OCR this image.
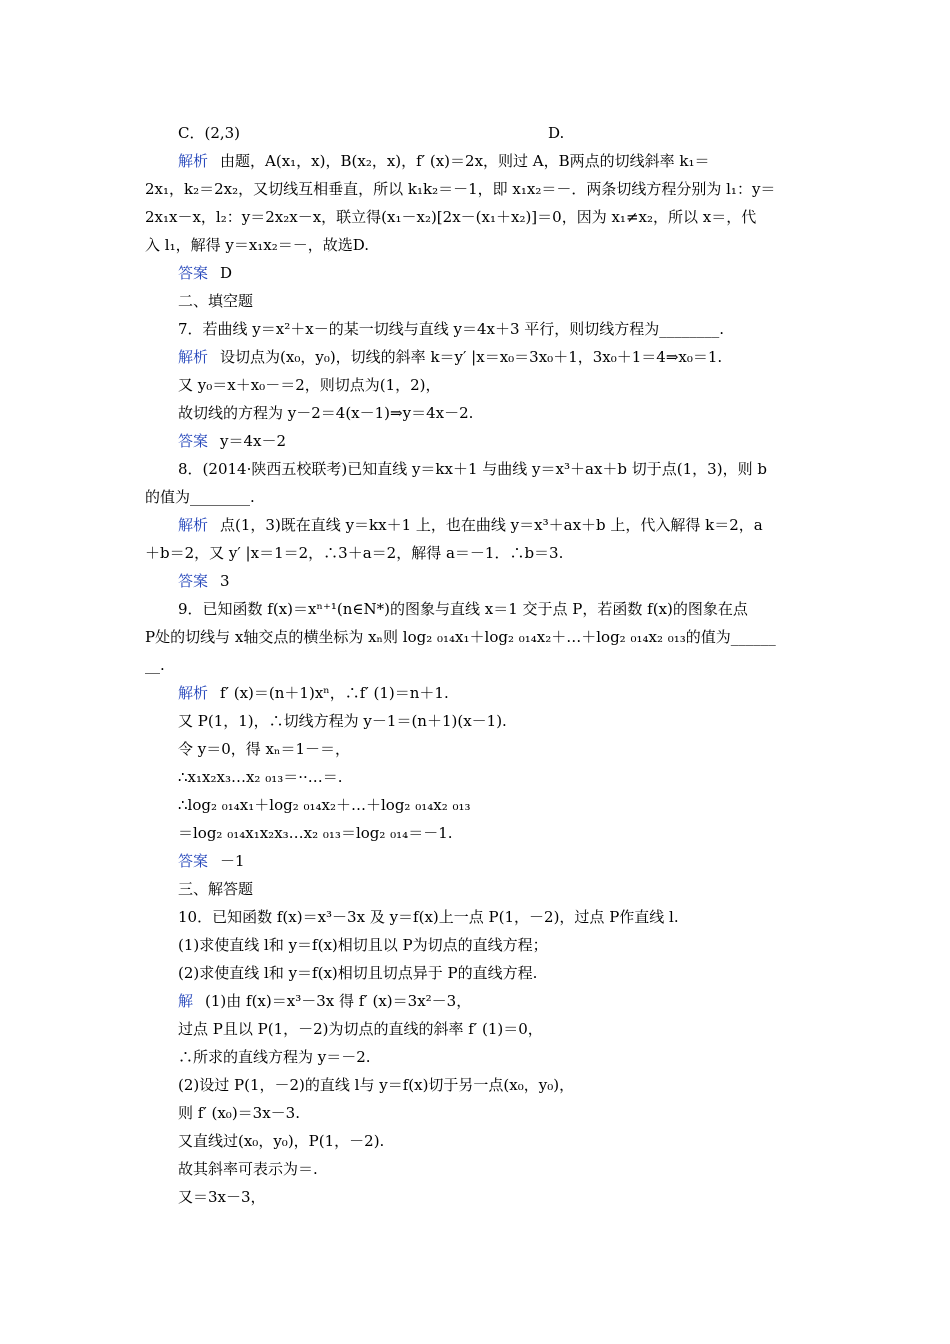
C．(2,3)	D.
解析 由题，A(x₁，x)，B(x₂，x)，f′ (x)＝2x，则过 A，B两点的切线斜率 k₁＝
2x₁，k₂＝2x₂，又切线互相垂直，所以 k₁k₂＝－1，即 x₁x₂＝－．两条切线方程分别为 l₁：y＝
2x₁x－x，l₂：y＝2x₂x－x，联立得(x₁－x₂)[2x－(x₁＋x₂)]＝0，因为 x₁≠x₂，所以 x＝，代
入 l₁，解得 y＝x₁x₂＝－，故选D.
答案 D
二、填空题
7．若曲线 y＝x²＋x－的某一切线与直线 y＝4x＋3 平行，则切线方程为________.
解析 设切点为(x₀，y₀)，切线的斜率 k＝y′ |x＝x₀＝3x₀＋1，3x₀＋1＝4⇒x₀＝1.
又 y₀＝x＋x₀－＝2，则切点为(1，2)，
故切线的方程为 y－2＝4(x－1)⇒y＝4x－2.
答案 y＝4x－2
8．(2014·陕西五校联考)已知直线 y＝kx＋1 与曲线 y＝x³＋ax＋b 切于点(1，3)，则 b
的值为________.
解析 点(1，3)既在直线 y＝kx＋1 上，也在曲线 y＝x³＋ax＋b 上，代入解得 k＝2，a
＋b＝2，又 y′ |x＝1＝2，∴3＋a＝2，解得 a＝－1．∴b＝3.
答案 3
9．已知函数 f(x)＝xⁿ⁺¹(n∈N*)的图象与直线 x＝1 交于点 P，若函数 f(x)的图象在点
P处的切线与 x轴交点的横坐标为 xₙ则 log₂ ₀₁₄x₁＋log₂ ₀₁₄x₂＋…＋log₂ ₀₁₄x₂ ₀₁₃的值为______
__.
解析 f′ (x)＝(n＋1)xⁿ，∴f′ (1)＝n＋1.
又 P(1，1)，∴切线方程为 y－1＝(n＋1)(x－1).
令 y＝0，得 xₙ＝1－＝，
∴x₁x₂x₃…x₂ ₀₁₃＝··…＝.
∴log₂ ₀₁₄x₁＋log₂ ₀₁₄x₂＋…＋log₂ ₀₁₄x₂ ₀₁₃
＝log₂ ₀₁₄x₁x₂x₃…x₂ ₀₁₃＝log₂ ₀₁₄＝－1.
答案 －1
三、解答题
10．已知函数 f(x)＝x³－3x 及 y＝f(x)上一点 P(1，－2)，过点 P作直线 l.
(1)求使直线 l和 y＝f(x)相切且以 P为切点的直线方程；
(2)求使直线 l和 y＝f(x)相切且切点异于 P的直线方程.
解 (1)由 f(x)＝x³－3x 得 f′ (x)＝3x²－3，
过点 P且以 P(1，－2)为切点的直线的斜率 f′ (1)＝0，
∴所求的直线方程为 y＝－2.
(2)设过 P(1，－2)的直线 l与 y＝f(x)切于另一点(x₀，y₀)，
则 f′ (x₀)＝3x－3.
又直线过(x₀，y₀)，P(1，－2).
故其斜率可表示为＝.
又＝3x－3，
